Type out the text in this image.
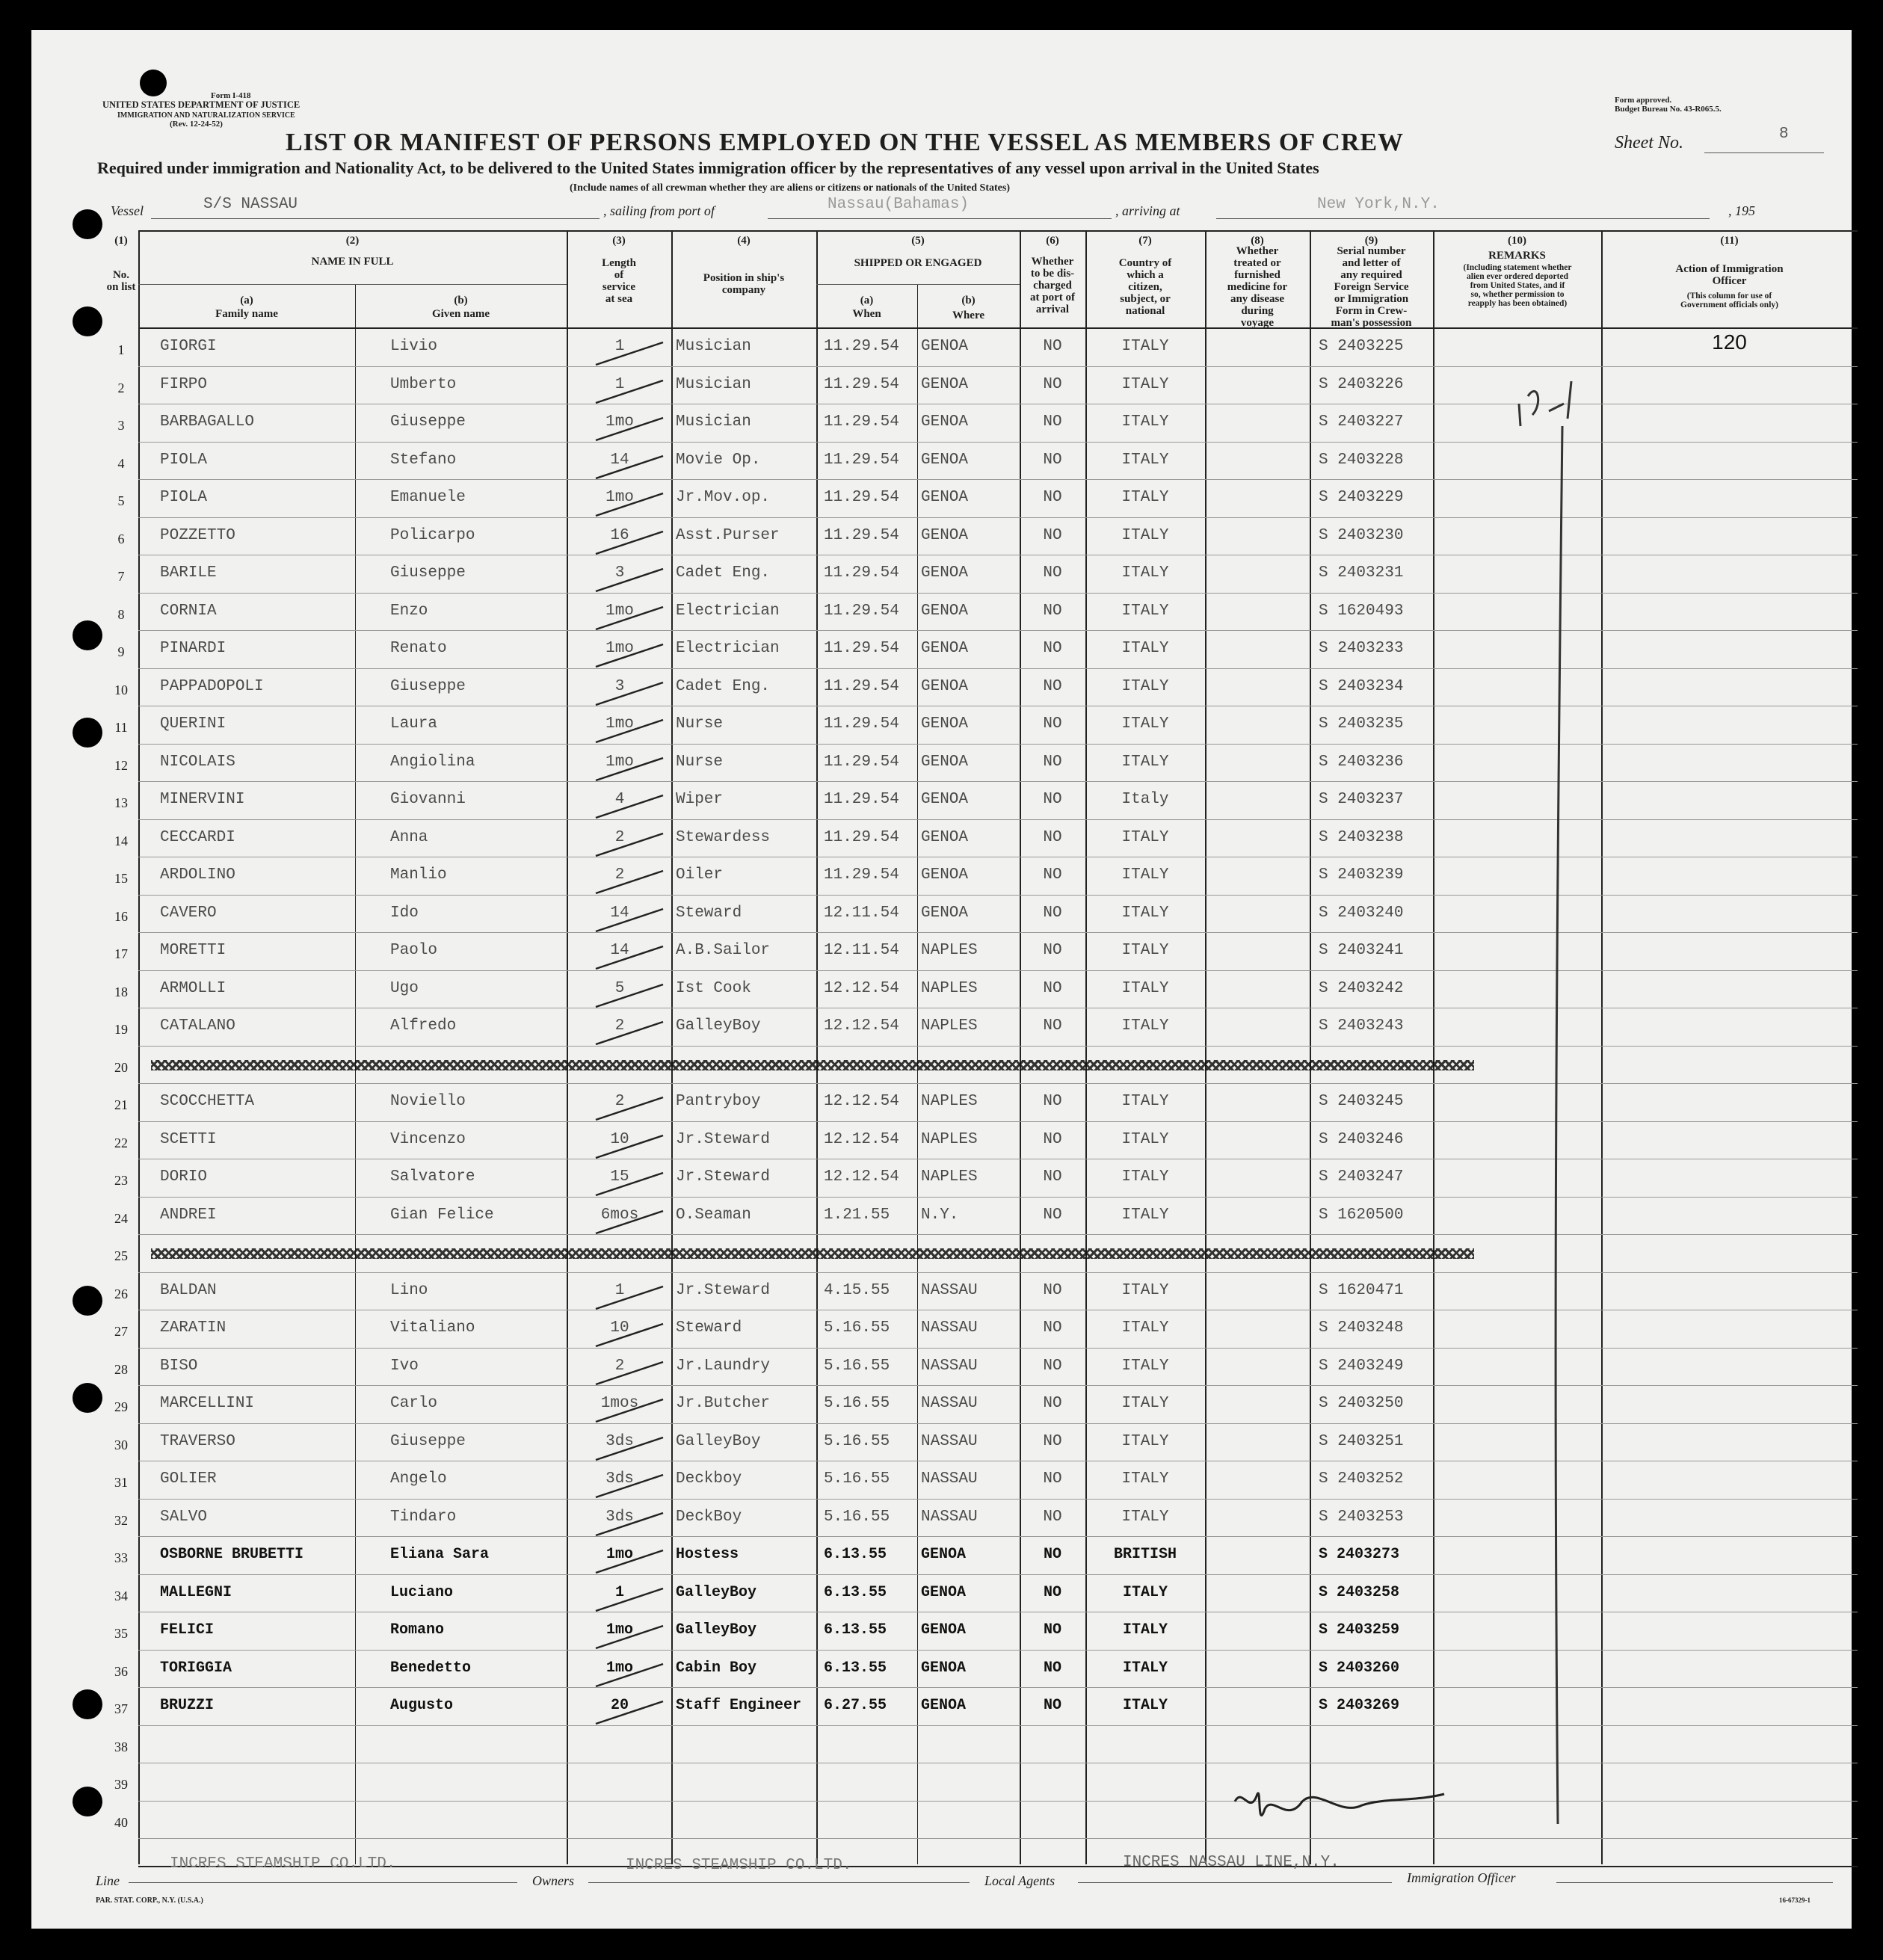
Form I-418
UNITED STATES DEPARTMENT OF JUSTICE
IMMIGRATION AND NATURALIZATION SERVICE
(Rev. 12-24-52)
Form approved.
Budget Bureau No. 43-R065.5.
Sheet No.	8
LIST OR MANIFEST OF PERSONS EMPLOYED ON THE VESSEL AS MEMBERS OF CREW
Required under immigration and Nationality Act, to be delivered to the United States immigration officer by the representatives of any vessel upon arrival in the United States
(Include names of all crewman whether they are aliens or citizens or nationals of the United States)
Vessel	S/S NASSAU	, sailing from port of	Nassau(Bahamas)	, arriving at	New York,N.Y.	, 195
(1)
No. on list
(2)
NAME IN FULL
(a)
Family name
(b)
Given name
(3)
Length
of
service
at sea
(4)
Position in ship's
company
(5)
SHIPPED OR ENGAGED
(a)
When
(b)
Where
(6)
Whether
to be dis-
charged
at port of
arrival
(7)
Country of
which a
citizen,
subject, or
national
(8)
Whether
treated or
furnished
medicine for
any disease
during
voyage
(9)
Serial number
and letter of
any required
Foreign Service
or Immigration
Form in Crew-
man's possession
(10)
REMARKS
(Including statement whether
alien ever ordered deported
from United States, and if
so, whether permission to
reapply has been obtained)
(11)
Action of Immigration
Officer
(This column for use of
Government officials only)
1	GIORGI	Livio	1	Musician	11.29.54	GENOA	NO	ITALY	S 2403225	120
2	FIRPO	Umberto	1	Musician	11.29.54	GENOA	NO	ITALY	S 2403226
3	BARBAGALLO	Giuseppe	1mo	Musician	11.29.54	GENOA	NO	ITALY	S 2403227
4	PIOLA	Stefano	14	Movie Op.	11.29.54	GENOA	NO	ITALY	S 2403228
5	PIOLA	Emanuele	1mo	Jr.Mov.op.	11.29.54	GENOA	NO	ITALY	S 2403229
6	POZZETTO	Policarpo	16	Asst.Purser	11.29.54	GENOA	NO	ITALY	S 2403230
7	BARILE	Giuseppe	3	Cadet Eng.	11.29.54	GENOA	NO	ITALY	S 2403231
8	CORNIA	Enzo	1mo	Electrician	11.29.54	GENOA	NO	ITALY	S 1620493
9	PINARDI	Renato	1mo	Electrician	11.29.54	GENOA	NO	ITALY	S 2403233
10	PAPPADOPOLI	Giuseppe	3	Cadet Eng.	11.29.54	GENOA	NO	ITALY	S 2403234
11	QUERINI	Laura	1mo	Nurse	11.29.54	GENOA	NO	ITALY	S 2403235
12	NICOLAIS	Angiolina	1mo	Nurse	11.29.54	GENOA	NO	ITALY	S 2403236
13	MINERVINI	Giovanni	4	Wiper	11.29.54	GENOA	NO	Italy	S 2403237
14	CECCARDI	Anna	2	Stewardess	11.29.54	GENOA	NO	ITALY	S 2403238
15	ARDOLINO	Manlio	2	Oiler	11.29.54	GENOA	NO	ITALY	S 2403239
16	CAVERO	Ido	14	Steward	12.11.54	GENOA	NO	ITALY	S 2403240
17	MORETTI	Paolo	14	A.B.Sailor	12.11.54	NAPLES	NO	ITALY	S 2403241
18	ARMOLLI	Ugo	5	Ist Cook	12.12.54	NAPLES	NO	ITALY	S 2403242
19	CATALANO	Alfredo	2	GalleyBoy	12.12.54	NAPLES	NO	ITALY	S 2403243
20
21	SCOCCHETTA	Noviello	2	Pantryboy	12.12.54	NAPLES	NO	ITALY	S 2403245
22	SCETTI	Vincenzo	10	Jr.Steward	12.12.54	NAPLES	NO	ITALY	S 2403246
23	DORIO	Salvatore	15	Jr.Steward	12.12.54	NAPLES	NO	ITALY	S 2403247
24	ANDREI	Gian Felice	6mos	O.Seaman	1.21.55	N.Y.	NO	ITALY	S 1620500
25
26	BALDAN	Lino	1	Jr.Steward	4.15.55	NASSAU	NO	ITALY	S 1620471
27	ZARATIN	Vitaliano	10	Steward	5.16.55	NASSAU	NO	ITALY	S 2403248
28	BISO	Ivo	2	Jr.Laundry	5.16.55	NASSAU	NO	ITALY	S 2403249
29	MARCELLINI	Carlo	1mos	Jr.Butcher	5.16.55	NASSAU	NO	ITALY	S 2403250
30	TRAVERSO	Giuseppe	3ds	GalleyBoy	5.16.55	NASSAU	NO	ITALY	S 2403251
31	GOLIER	Angelo	3ds	Deckboy	5.16.55	NASSAU	NO	ITALY	S 2403252
32	SALVO	Tindaro	3ds	DeckBoy	5.16.55	NASSAU	NO	ITALY	S 2403253
33	OSBORNE BRUBETTI	Eliana Sara	1mo	Hostess	6.13.55	GENOA	NO	BRITISH	S 2403273
34	MALLEGNI	Luciano	1	GalleyBoy	6.13.55	GENOA	NO	ITALY	S 2403258
35	FELICI	Romano	1mo	GalleyBoy	6.13.55	GENOA	NO	ITALY	S 2403259
36	TORIGGIA	Benedetto	1mo	Cabin Boy	6.13.55	GENOA	NO	ITALY	S 2403260
37	BRUZZI	Augusto	20	Staff Engineer	6.27.55	GENOA	NO	ITALY	S 2403269
38
39
40
Line
INCRES STEAMSHIP CO.LTD.
Owners
INCRES STEAMSHIP CO.LTD.
Local Agents
INCRES NASSAU LINE,N.Y.
Immigration Officer
PAR. STAT. CORP., N.Y. (U.S.A.)	16-67329-1
